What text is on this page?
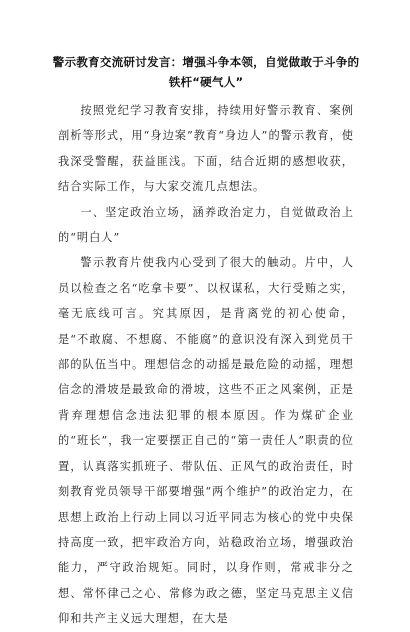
警示教育交流研讨发言：增强斗争本领，自觉做敢于斗争的铁杆“硬气人”

按照党纪学习教育安排，持续用好警示教育、案例剖析等形式，用“身边案”教育“身边人”的警示教育，使我深受警醒，获益匪浅。下面，结合近期的感想收获，结合实际工作，与大家交流几点想法。

一、坚定政治立场，涵养政治定力，自觉做政治上的“明白人”

警示教育片使我内心受到了很大的触动。片中，人员以检查之名“吃拿卡要”、以权谋私，大行受贿之实，毫无底线可言。究其原因，是背离党的初心使命，是“不敢腐、不想腐、不能腐”的意识没有深入到党员干部的队伍当中。理想信念的动摇是最危险的动摇，理想信念的滑坡是最致命的滑坡，这些不正之风案例，正是背弃理想信念违法犯罪的根本原因。作为煤矿企业的“班长”，我一定要摆正自己的“第一责任人”职责的位置，认真落实抓班子、带队伍、正风气的政治责任，时刻教育党员领导干部要增强“两个维护”的政治定力，在思想上政治上行动上同以习近平同志为核心的党中央保持高度一致，把牢政治方向，站稳政治立场，增强政治能力，严守政治规矩。同时，以身作则，常戒非分之想、常怀律己之心、常修为政之德，坚定马克思主义信仰和共产主义远大理想，在大是
